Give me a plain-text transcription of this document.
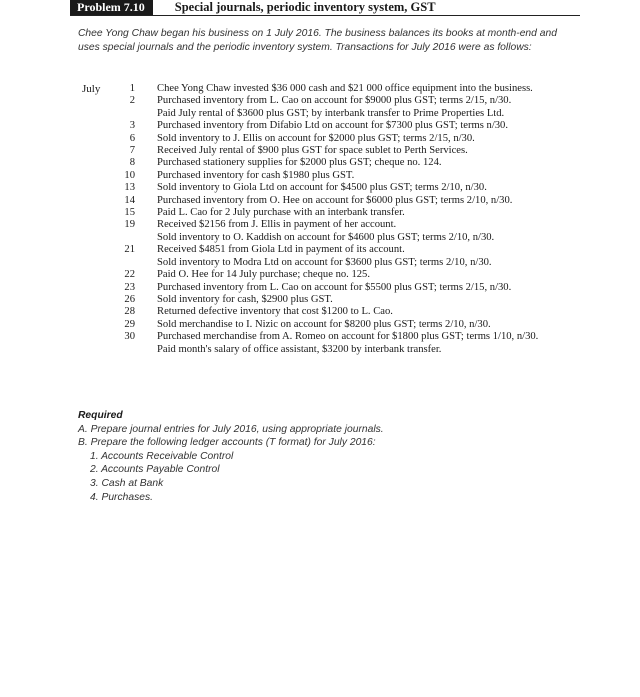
Problem 7.10	Special journals, periodic inventory system, GST
Chee Yong Chaw began his business on 1 July 2016. The business balances its books at month-end and uses special journals and the periodic inventory system. Transactions for July 2016 were as follows:
July	1 Chee Yong Chaw invested $36 000 cash and $21 000 office equipment into the business.
2 Purchased inventory from L. Cao on account for $9000 plus GST; terms 2/15, n/30.
Paid July rental of $3600 plus GST; by interbank transfer to Prime Properties Ltd.
3 Purchased inventory from Difabio Ltd on account for $7300 plus GST; terms n/30.
6 Sold inventory to J. Ellis on account for $2000 plus GST; terms 2/15, n/30.
7 Received July rental of $900 plus GST for space sublet to Perth Services.
8 Purchased stationery supplies for $2000 plus GST; cheque no. 124.
10 Purchased inventory for cash $1980 plus GST.
13 Sold inventory to Giola Ltd on account for $4500 plus GST; terms 2/10, n/30.
14 Purchased inventory from O. Hee on account for $6000 plus GST; terms 2/10, n/30.
15 Paid L. Cao for 2 July purchase with an interbank transfer.
19 Received $2156 from J. Ellis in payment of her account.
Sold inventory to O. Kaddish on account for $4600 plus GST; terms 2/10, n/30.
21 Received $4851 from Giola Ltd in payment of its account.
Sold inventory to Modra Ltd on account for $3600 plus GST; terms 2/10, n/30.
22 Paid O. Hee for 14 July purchase; cheque no. 125.
23 Purchased inventory from L. Cao on account for $5500 plus GST; terms 2/15, n/30.
26 Sold inventory for cash, $2900 plus GST.
28 Returned defective inventory that cost $1200 to L. Cao.
29 Sold merchandise to I. Nizic on account for $8200 plus GST; terms 2/10, n/30.
30 Purchased merchandise from A. Romeo on account for $1800 plus GST; terms 1/10, n/30.
Paid month's salary of office assistant, $3200 by interbank transfer.
Required
A. Prepare journal entries for July 2016, using appropriate journals.
B. Prepare the following ledger accounts (T format) for July 2016:
1. Accounts Receivable Control
2. Accounts Payable Control
3. Cash at Bank
4. Purchases.
